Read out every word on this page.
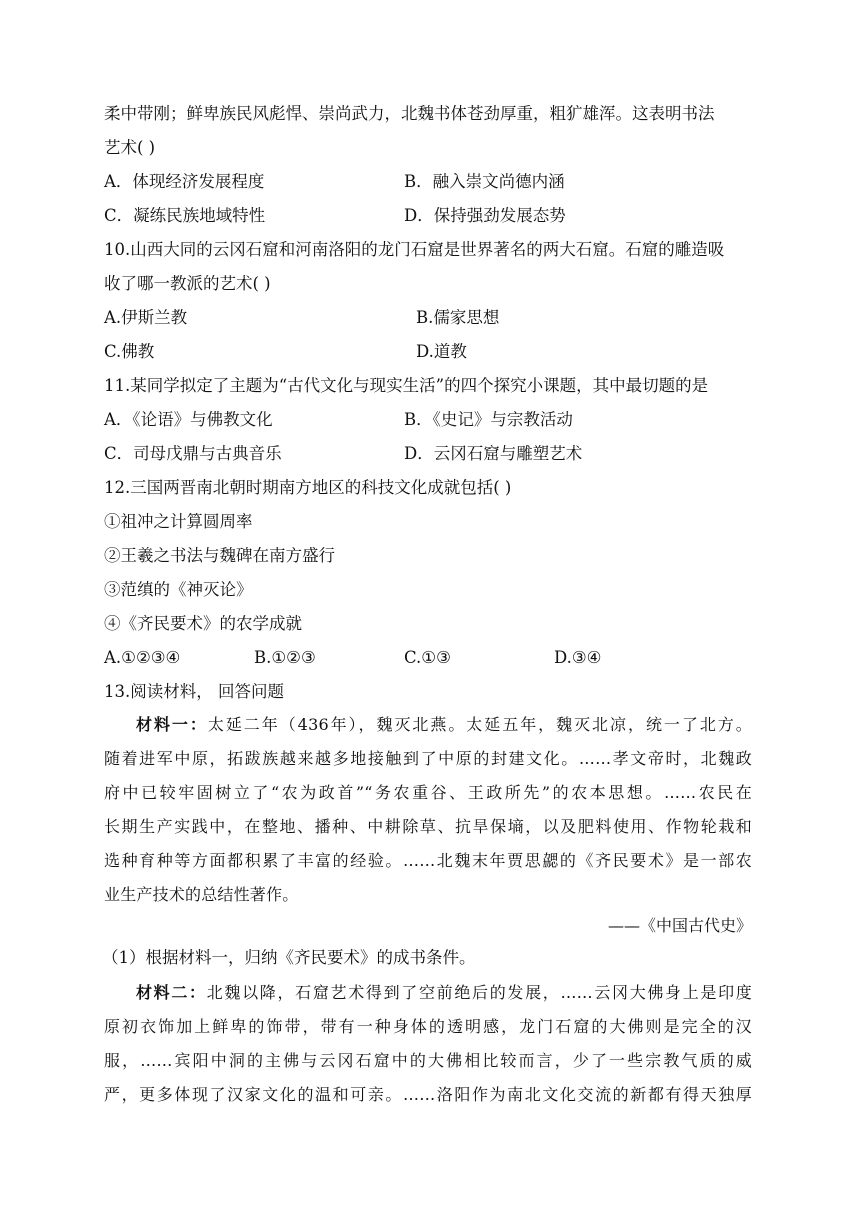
柔中带刚；鲜卑族民风彪悍、崇尚武力，北魏书体苍劲厚重，粗犷雄浑。这表明书法
艺术( )
A．体现经济发展程度	B．融入崇文尚德内涵
C．凝练民族地域特性	D．保持强劲发展态势
10.山西大同的云冈石窟和河南洛阳的龙门石窟是世界著名的两大石窟。石窟的雕造吸
收了哪一教派的艺术( )
A.伊斯兰教	B.儒家思想
C.佛教	D.道教
11.某同学拟定了主题为“古代文化与现实生活”的四个探究小课题，其中最切题的是
A．《论语》与佛教文化	B．《史记》与宗教活动
C．司母戊鼎与古典音乐	D．云冈石窟与雕塑艺术
12.三国两晋南北朝时期南方地区的科技文化成就包括( )
①祖冲之计算圆周率
②王羲之书法与魏碑在南方盛行
③范缜的《神灭论》
④《齐民要术》的农学成就
A.①②③④	B.①②③	C.①③	D.③④
13.阅读材料， 回答问题
材料一：太延二年（436年），魏灭北燕。太延五年，魏灭北凉，统一了北方。
随着进军中原，拓跋族越来越多地接触到了中原的封建文化。……孝文帝时，北魏政
府中已较牢固树立了“农为政首”“务农重谷、王政所先”的农本思想。……农民在
长期生产实践中，在整地、播种、中耕除草、抗旱保墒，以及肥料使用、作物轮栽和
选种育种等方面都积累了丰富的经验。……北魏末年贾思勰的《齐民要术》是一部农
业生产技术的总结性著作。
——《中国古代史》
（1）根据材料一，归纳《齐民要术》的成书条件。
材料二：北魏以降，石窟艺术得到了空前绝后的发展，……云冈大佛身上是印度
原初衣饰加上鲜卑的饰带，带有一种身体的透明感，龙门石窟的大佛则是完全的汉
服，……宾阳中洞的主佛与云冈石窟中的大佛相比较而言，少了一些宗教气质的威
严，更多体现了汉家文化的温和可亲。……洛阳作为南北文化交流的新都有得天独厚
